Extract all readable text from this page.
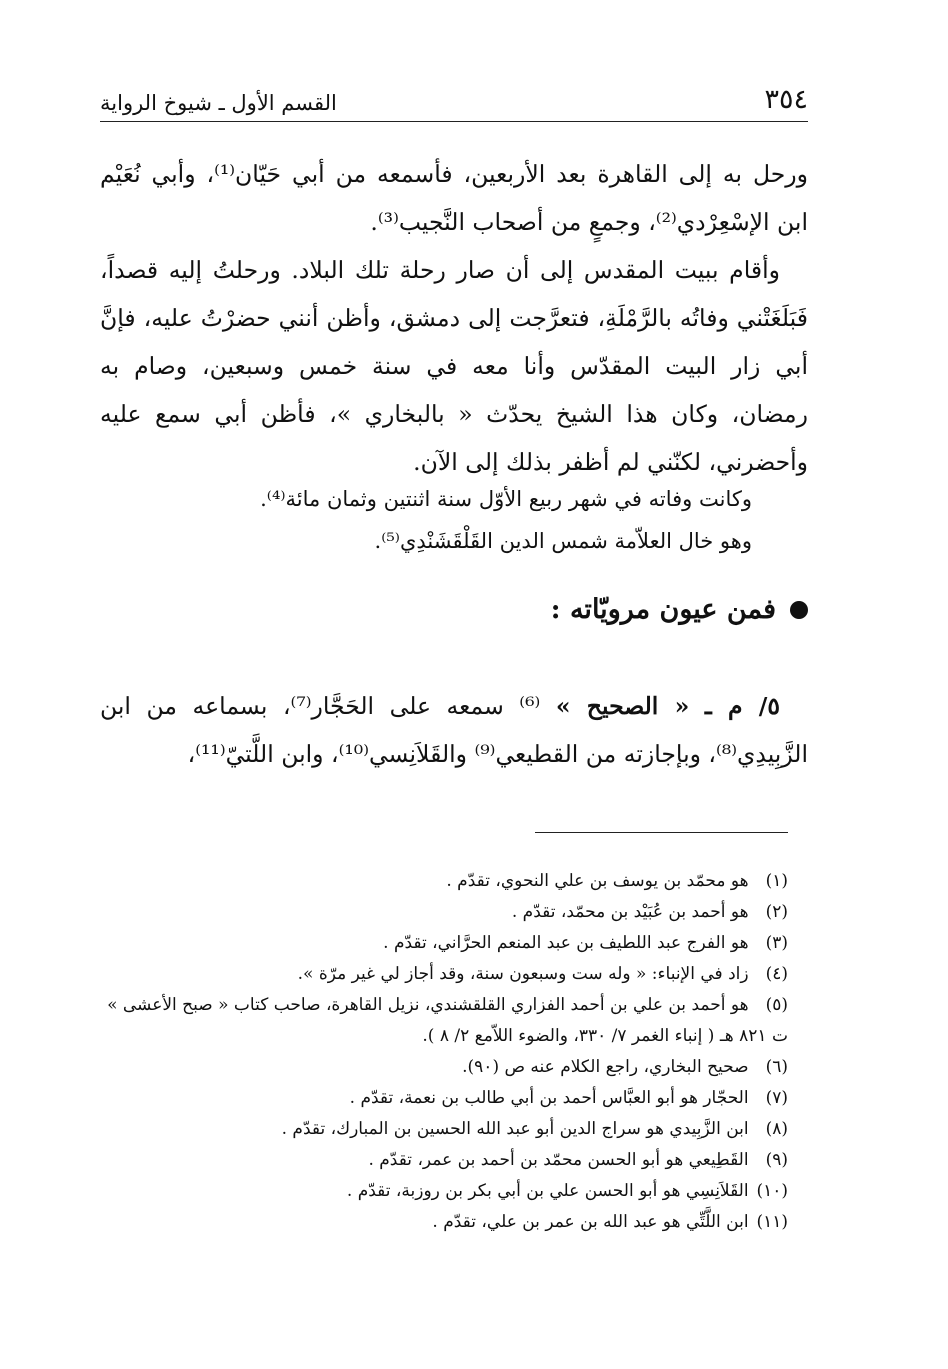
٣٥٤
القسم الأول ـ شيوخ الرواية

ورحل به إلى القاهرة بعد الأربعين، فأسمعه من أبي حَيّان⁽¹⁾، وأبي نُعَيْم ابن الإسْعِرْدي⁽²⁾، وجمعٍ من أصحاب النَّجيب⁽³⁾.

وأقام ببيت المقدس إلى أن صار رحلة تلك البلاد. ورحلتُ إليه قصداً، فَبَلَغَتْني وفاتُه بالرَّمْلَةِ، فتعرَّجت إلى دمشق، وأظن أنني حضرْتُ عليه، فإنَّ أبي زار البيت المقدّس وأنا معه في سنة خمس وسبعين، وصام به رمضان، وكان هذا الشيخ يحدّث « بالبخاري »، فأظن أبي سمع عليه وأحضرني، لكنّني لم أظفر بذلك إلى الآن.

وكانت وفاته في شهر ربيع الأوّل سنة اثنتين وثمان مائة⁽⁴⁾.

وهو خال العلاّمة شمس الدين القَلْقَشَنْدِي⁽⁵⁾.

فمن عيون مرويّاته :

٥/ م ـ « الصحيح » ⁽⁶⁾ سمعه على الحَجَّار⁽⁷⁾، بسماعه من ابن الزَّبِيدِي⁽⁸⁾، وبإجازته من القطيعي⁽⁹⁾ والقَلاَنِسي⁽¹⁰⁾، وابن اللَّتيّ⁽¹¹⁾،

(١) هو محمّد بن يوسف بن علي النحوي، تقدّم .

(٢) هو أحمد بن عُبَيْد بن محمّد، تقدّم .

(٣) هو الفرج عبد اللطيف بن عبد المنعم الحرَّاني، تقدّم .

(٤) زاد في الإنباء: « وله ست وسبعون سنة، وقد أجاز لي غير مرّة ».

(٥) هو أحمد بن علي بن أحمد الفزاري القلقشندي، نزيل القاهرة، صاحب كتاب « صبح الأعشى » ت ٨٢١ هـ ( إنباء الغمر ٧/ ٣٣٠، والضوء اللاّمع ٢/ ٨ ).

(٦) صحيح البخاري، راجع الكلام عنه ص (٩٠).

(٧) الحجّار هو أبو العبَّاس أحمد بن أبي طالب بن نعمة، تقدّم .

(٨) ابن الزَّبِيدي هو سراج الدين أبو عبد الله الحسين بن المبارك، تقدّم .

(٩) القَطِيعي هو أبو الحسن محمّد بن أحمد بن عمر، تقدّم .

(١٠) القَلاَنِسِي هو أبو الحسن علي بن أبي بكر بن روزبة، تقدّم .

(١١) ابن اللَّتِّي هو عبد الله بن عمر بن علي، تقدّم .
